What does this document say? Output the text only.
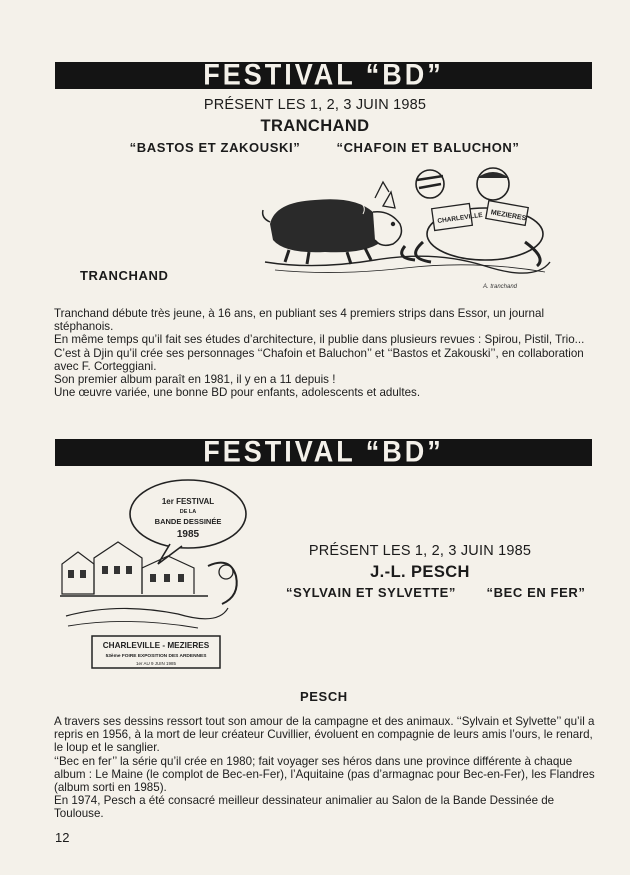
FESTIVAL “BD”
PRÉSENT LES 1, 2, 3 JUIN 1985
TRANCHAND
“BASTOS ET ZAKOUSKI”	“CHAFOIN ET BALUCHON”
CHARLEVILLE MEZIERES
A. tranchand
TRANCHAND

Tranchand débute très jeune, à 16 ans, en publiant ses 4 premiers strips dans Essor, un journal stéphanois.

En même temps qu’il fait ses études d’architecture, il publie dans plusieurs revues : Spirou, Pistil, Trio...

C’est à Djin qu’il crée ses personnages ‘‘Chafoin et Baluchon’’ et ‘‘Bastos et Zakouski’’, en collaboration avec F. Corteggiani.

Son premier album paraît en 1981, il y en a 11 depuis !

Une œuvre variée, une bonne BD pour enfants, adolescents et adultes.

FESTIVAL “BD”
1er FESTIVAL
DE LA
BANDE DESSINÉE
1985
CHARLEVILLE - MEZIERES
53ème FOIRE EXPOSITION DES ARDENNES
1er AU 9 JUIN 1985
PRÉSENT LES 1, 2, 3 JUIN 1985
J.-L. PESCH
“SYLVAIN ET SYLVETTE”	“BEC EN FER”
PESCH

A travers ses dessins ressort tout son amour de la campagne et des animaux. ‘‘Sylvain et Sylvette’’ qu’il a repris en 1956, à la mort de leur créateur Cuvillier, évoluent en compagnie de leurs amis l’ours, le renard, le loup et le sanglier.

‘‘Bec en fer’’ la série qu’il crée en 1980; fait voyager ses héros dans une province différente à chaque album : Le Maine (le complot de Bec-en-Fer), l’Aquitaine (pas d’armagnac pour Bec-en-Fer), les Flandres (album sorti en 1985).

En 1974, Pesch a été consacré meilleur dessinateur animalier au Salon de la Bande Dessinée de Toulouse.

12
